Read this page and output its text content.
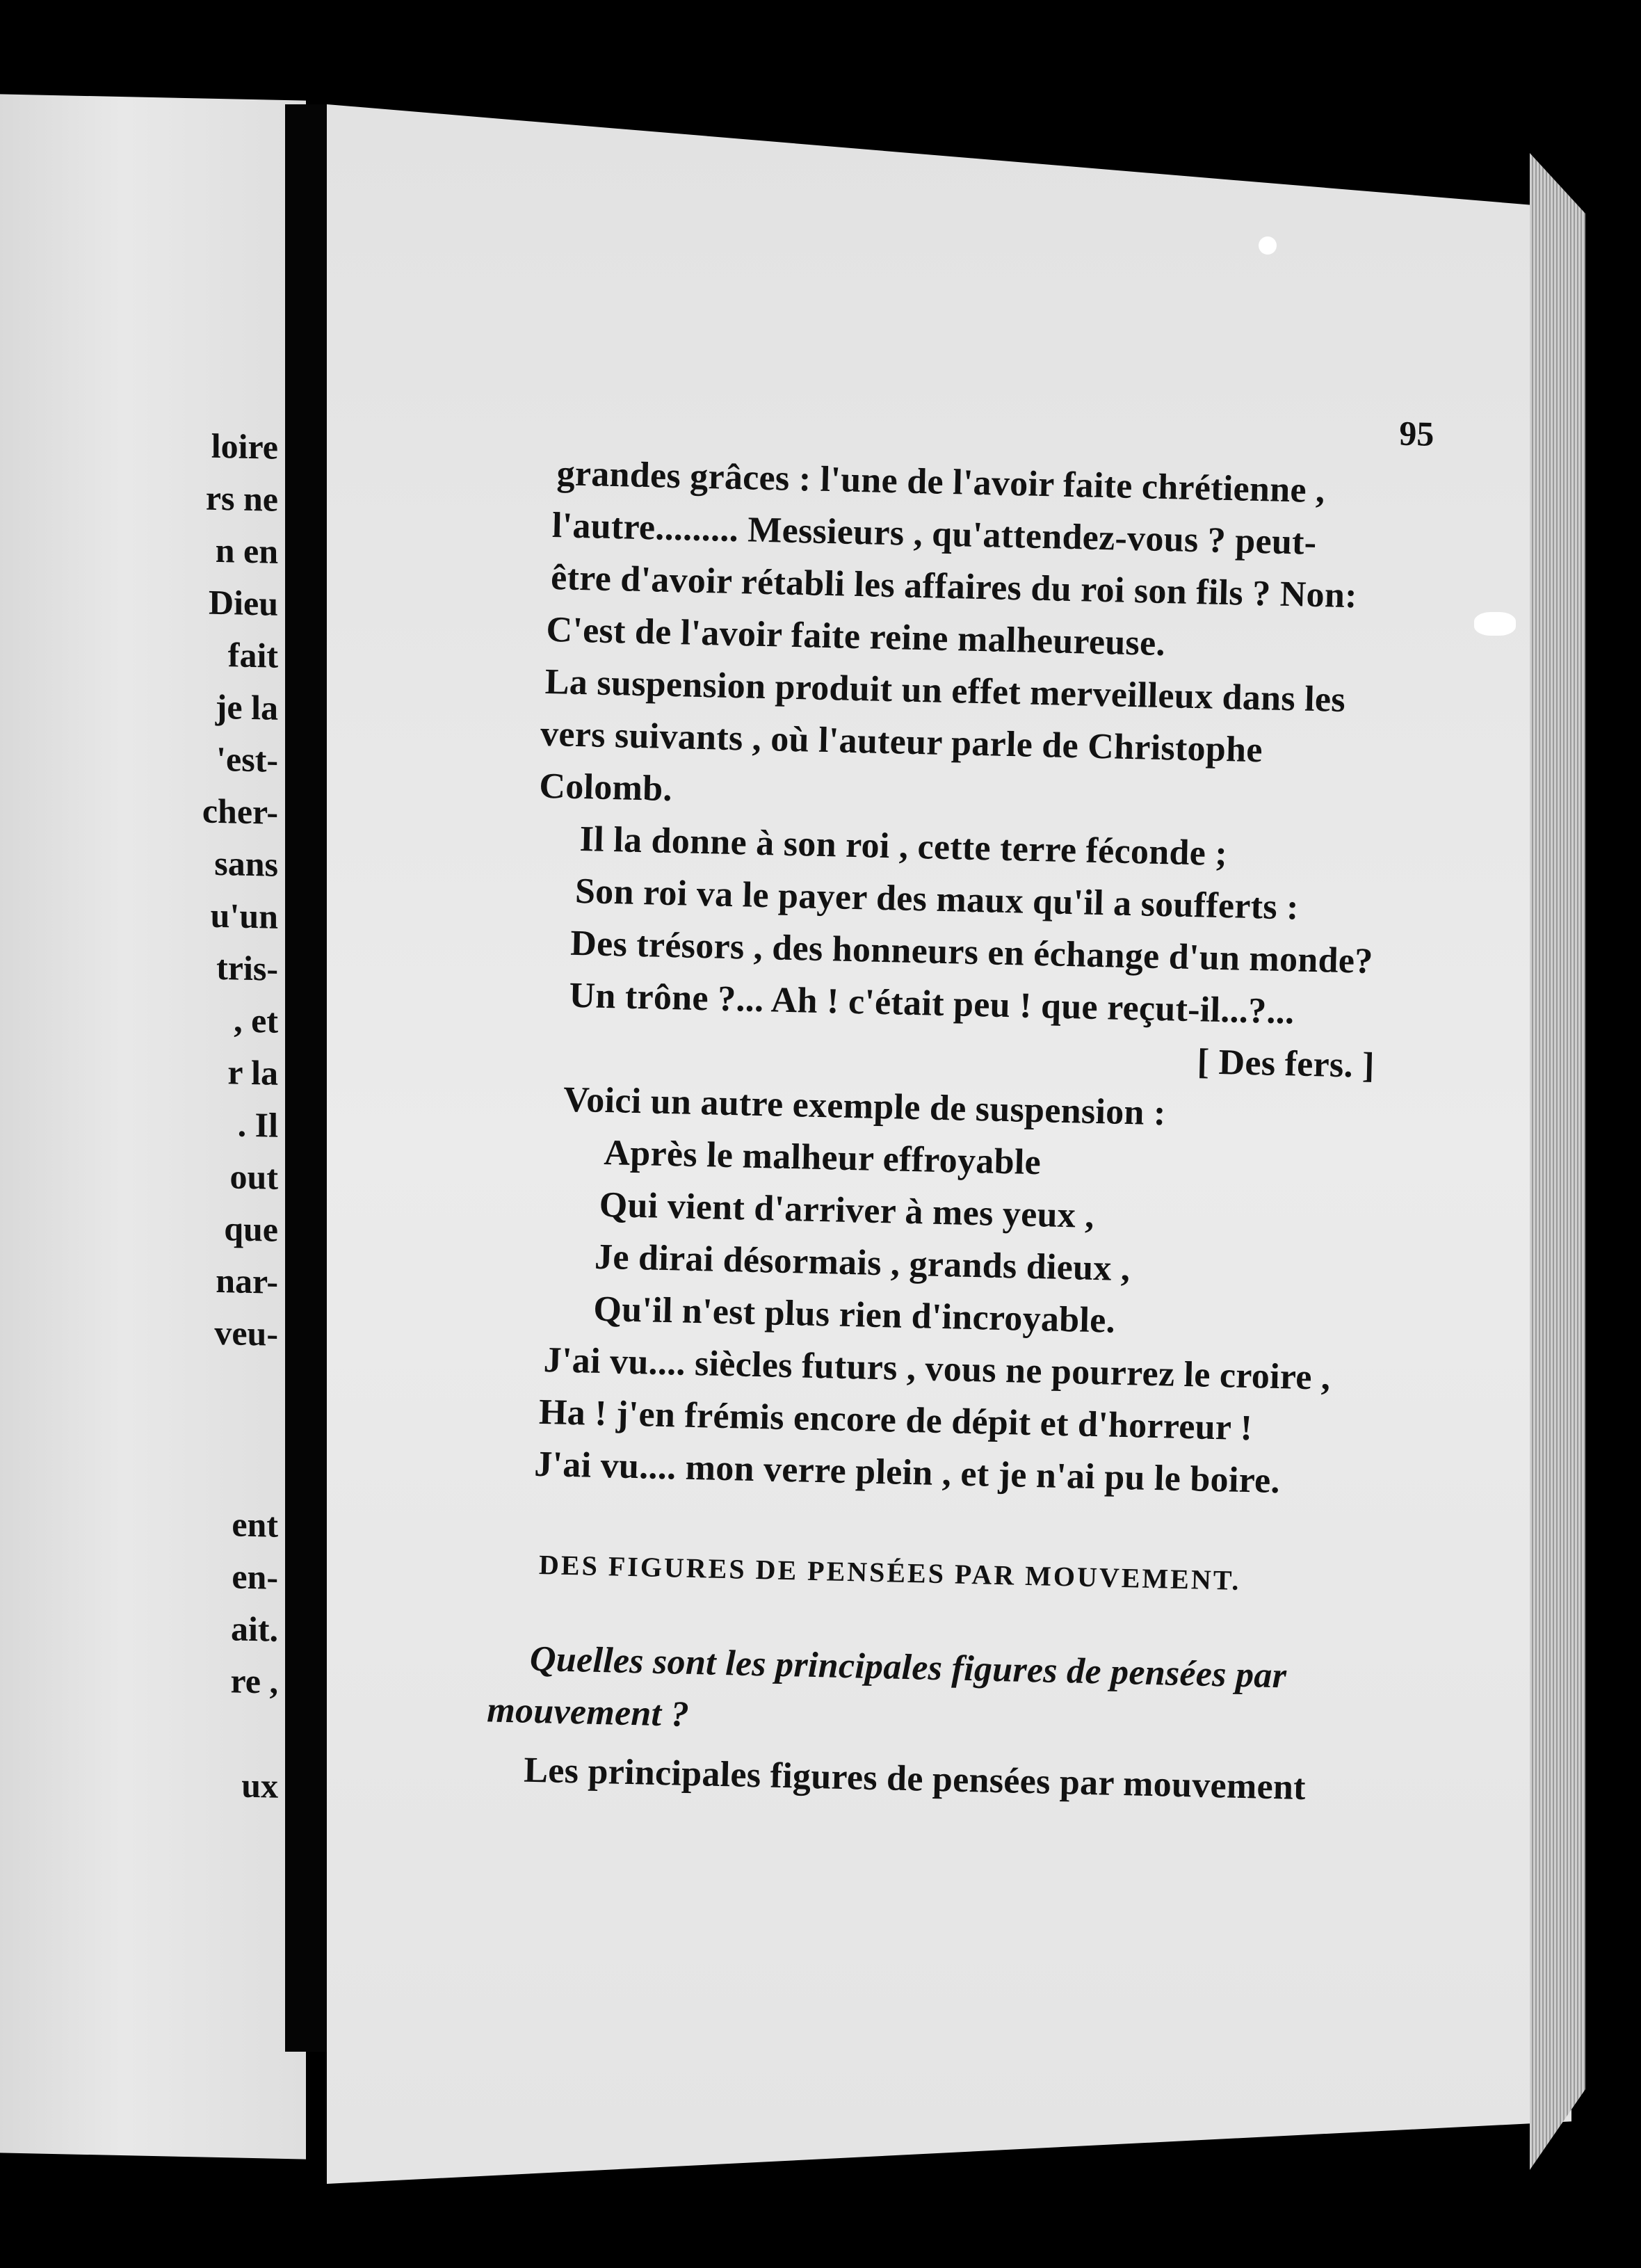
loire
rs ne
n en
Dieu
fait
je la
'est-
cher-
sans
u'un
tris-
, et
r la
. Il
out
que
nar-
veu-
ent
en-
ait.
re ,
ux
95
grandes grâces : l'une de l'avoir faite chrétienne ,
l'autre......... Messieurs , qu'attendez-vous ? peut-
être d'avoir rétabli les affaires du roi son fils ? Non:
C'est de l'avoir faite reine malheureuse.
La suspension produit un effet merveilleux dans les
vers suivants , où l'auteur parle de Christophe
Colomb.
Il la donne à son roi , cette terre féconde ;
Son roi va le payer des maux qu'il a soufferts :
Des trésors , des honneurs en échange d'un monde?
Un trône ?... Ah ! c'était peu ! que reçut-il...?...
[ Des fers. ]
Voici un autre exemple de suspension :
Après le malheur effroyable
Qui vient d'arriver à mes yeux ,
Je dirai désormais , grands dieux ,
Qu'il n'est plus rien d'incroyable.
J'ai vu.... siècles futurs , vous ne pourrez le croire ,
Ha ! j'en frémis encore de dépit et d'horreur !
J'ai vu.... mon verre plein , et je n'ai pu le boire.
DES FIGURES DE PENSÉES PAR MOUVEMENT.
Quelles sont les principales figures de pensées par
mouvement ?
Les principales figures de pensées par mouvement
